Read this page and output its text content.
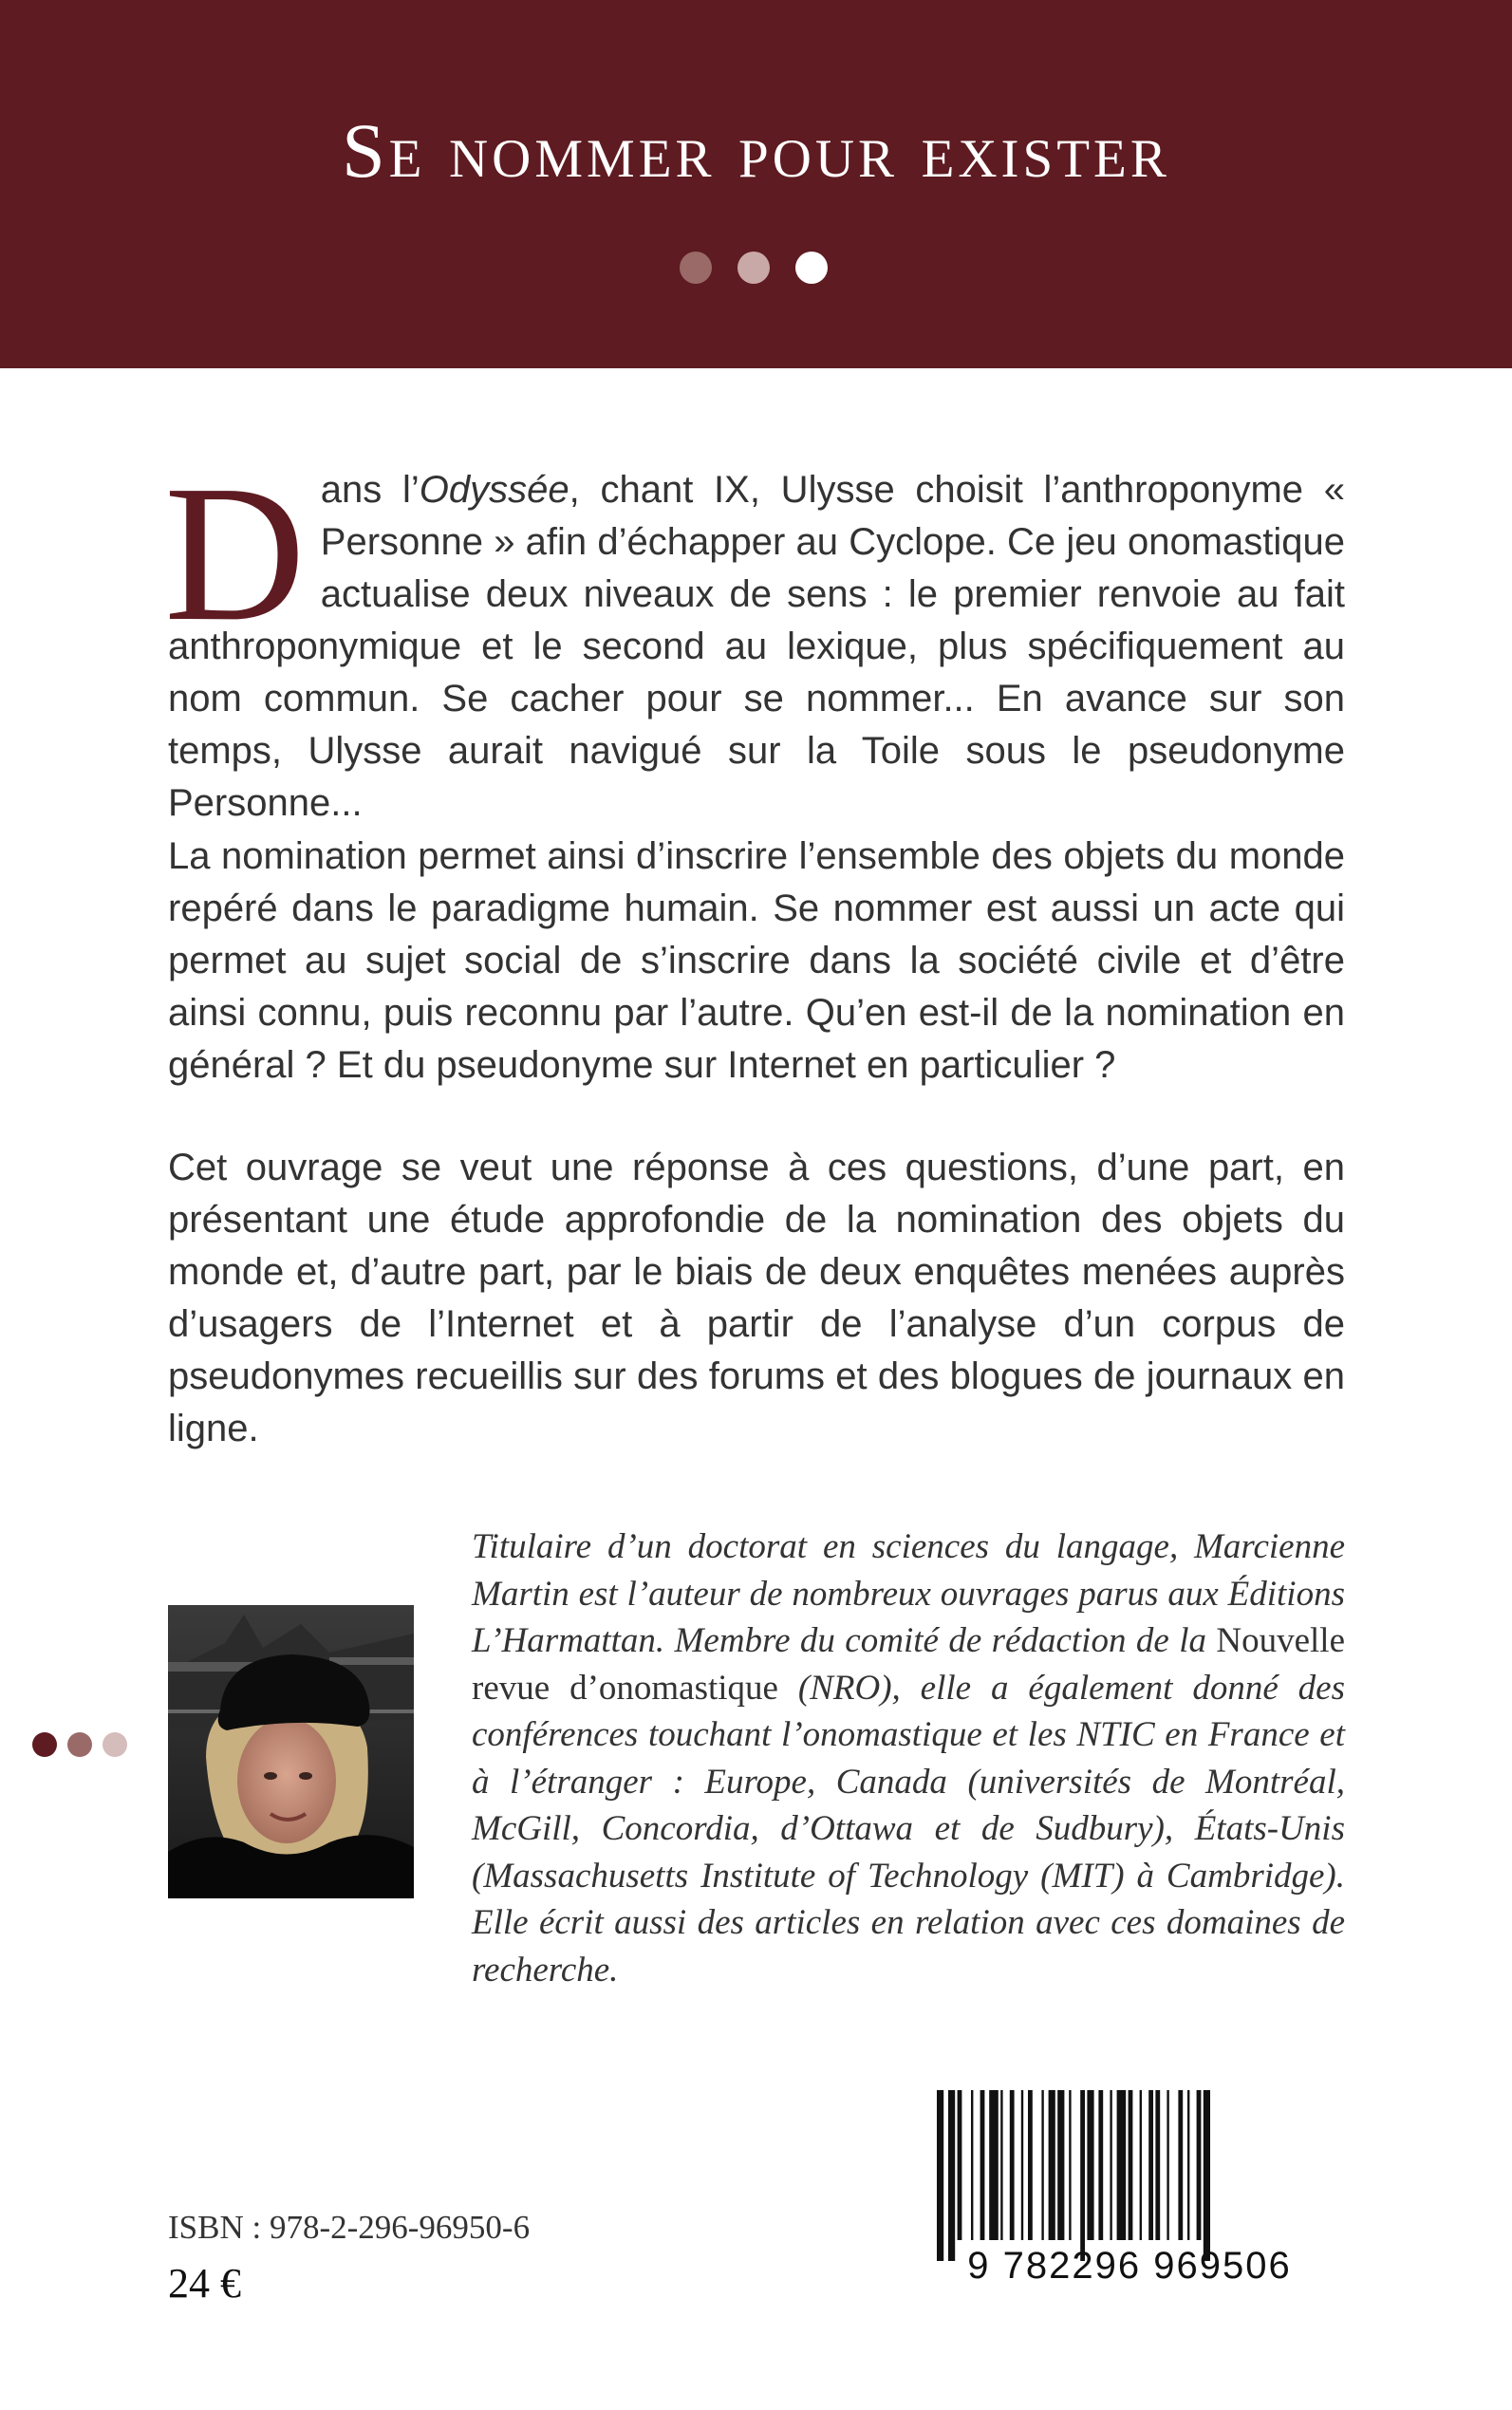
Se nommer pour exister

Dans l’Odyssée, chant IX, Ulysse choisit l’anthroponyme « Personne » afin d’échapper au Cyclope. Ce jeu onomastique actualise deux niveaux de sens : le premier renvoie au fait anthroponymique et le second au lexique, plus spécifiquement au nom commun. Se cacher pour se nommer... En avance sur son temps, Ulysse aurait navigué sur la Toile sous le pseudonyme Personne...

La nomination permet ainsi d’inscrire l’ensemble des objets du monde repéré dans le paradigme humain. Se nommer est aussi un acte qui permet au sujet social de s’inscrire dans la société civile et d’être ainsi connu, puis reconnu par l’autre. Qu’en est-il de la nomination en général ? Et du pseudonyme sur Internet en particulier ?

Cet ouvrage se veut une réponse à ces questions, d’une part, en présentant une étude approfondie de la nomination des objets du monde et, d’autre part, par le biais de deux enquêtes menées auprès d’usagers de l’Internet et à partir de l’analyse d’un corpus de pseudonymes recueillis sur des forums et des blogues de journaux en ligne.

Titulaire d’un doctorat en sciences du langage, Marcienne Martin est l’auteur de nombreux ouvrages parus aux Éditions L’Harmattan. Membre du comité de rédaction de la Nouvelle revue d’onomastique (NRO), elle a également donné des conférences touchant l’onomastique et les NTIC en France et à l’étranger : Europe, Canada (universités de Montréal, McGill, Concordia, d’Ottawa et de Sudbury), États-Unis (Massachusetts Institute of Technology (MIT) à Cambridge). Elle écrit aussi des articles en relation avec ces domaines de recherche.

ISBN : 978-2-296-96950-6
24 €	9 782296 969506
